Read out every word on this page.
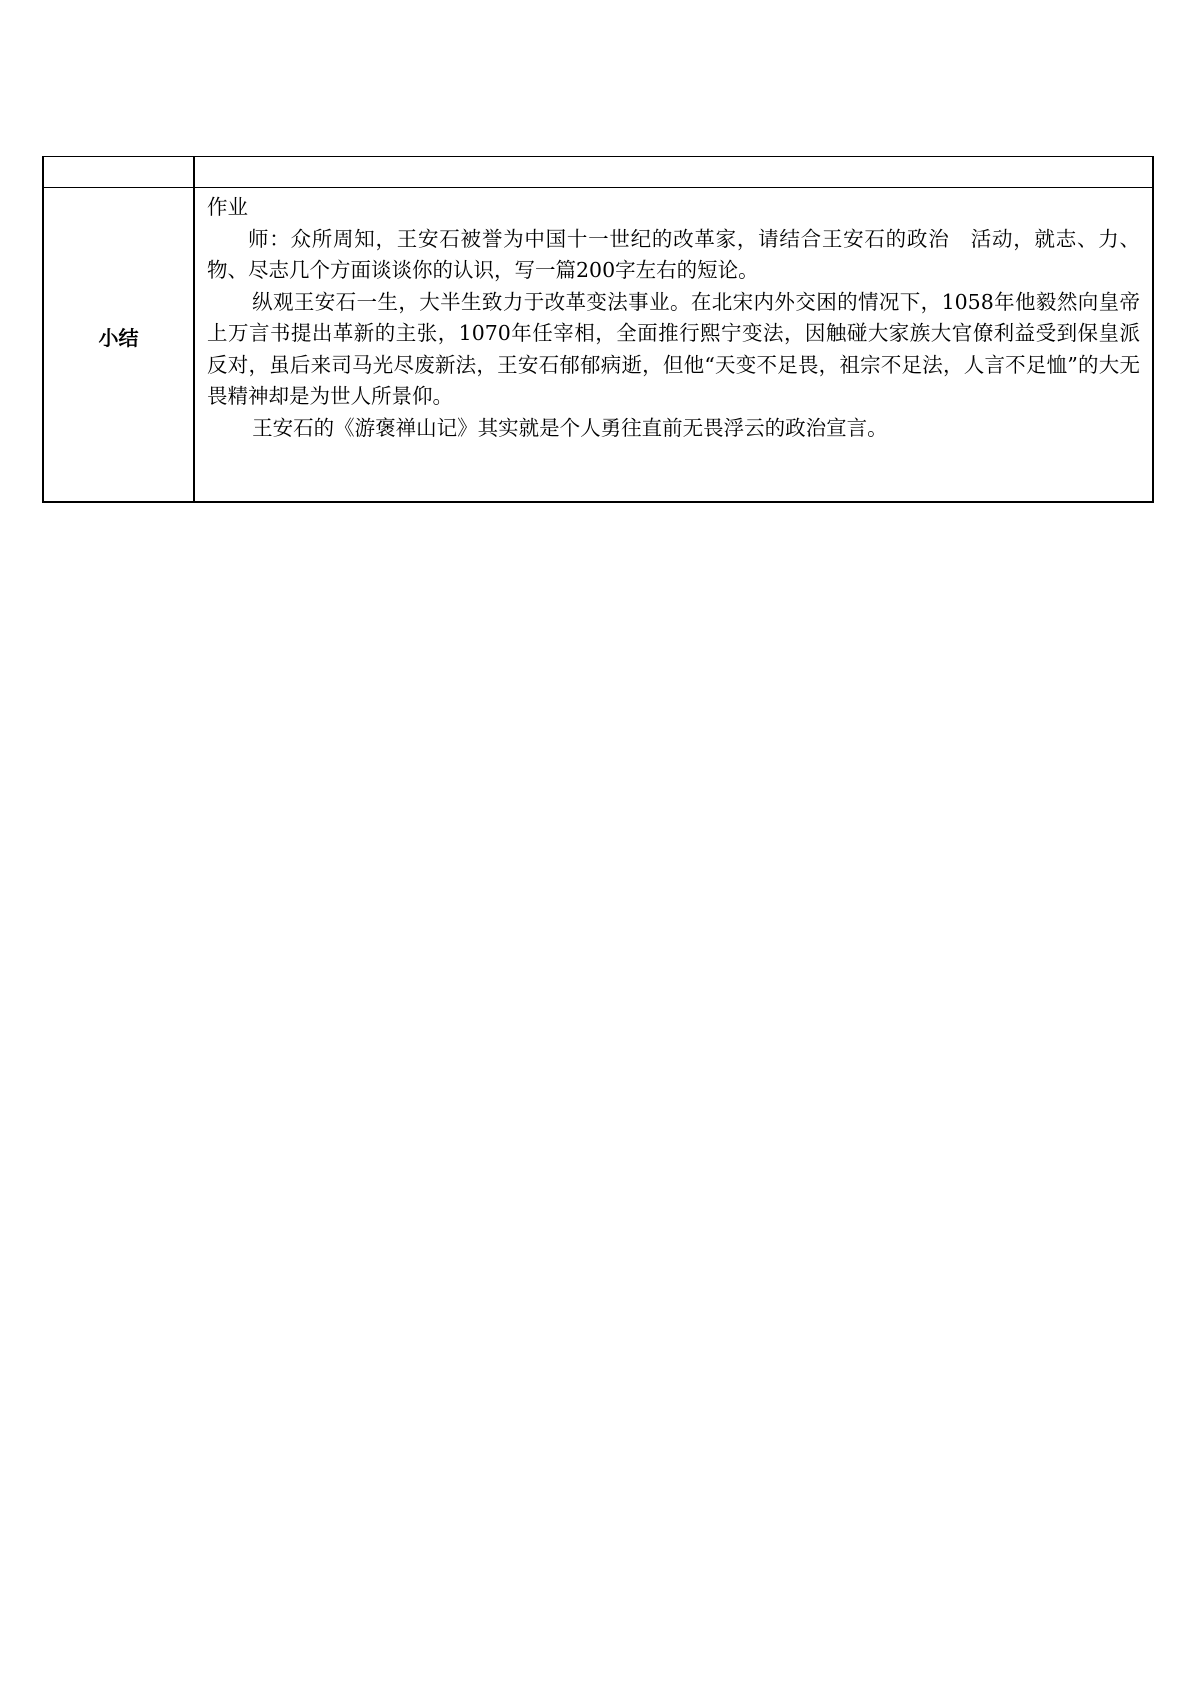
小结	作业

师：众所周知，王安石被誉为中国十一世纪的改革家，请结合王安石的政治　活动，就志、力、物、尽志几个方面谈谈你的认识，写一篇200字左右的短论。

纵观王安石一生，大半生致力于改革变法事业。在北宋内外交困的情况下，1058年他毅然向皇帝上万言书提出革新的主张，1070年任宰相，全面推行熙宁变法，因触碰大家族大官僚利益受到保皇派反对，虽后来司马光尽废新法，王安石郁郁病逝，但他“天变不足畏，祖宗不足法，人言不足恤”的大无畏精神却是为世人所景仰。

王安石的《游褒禅山记》其实就是个人勇往直前无畏浮云的政治宣言。
